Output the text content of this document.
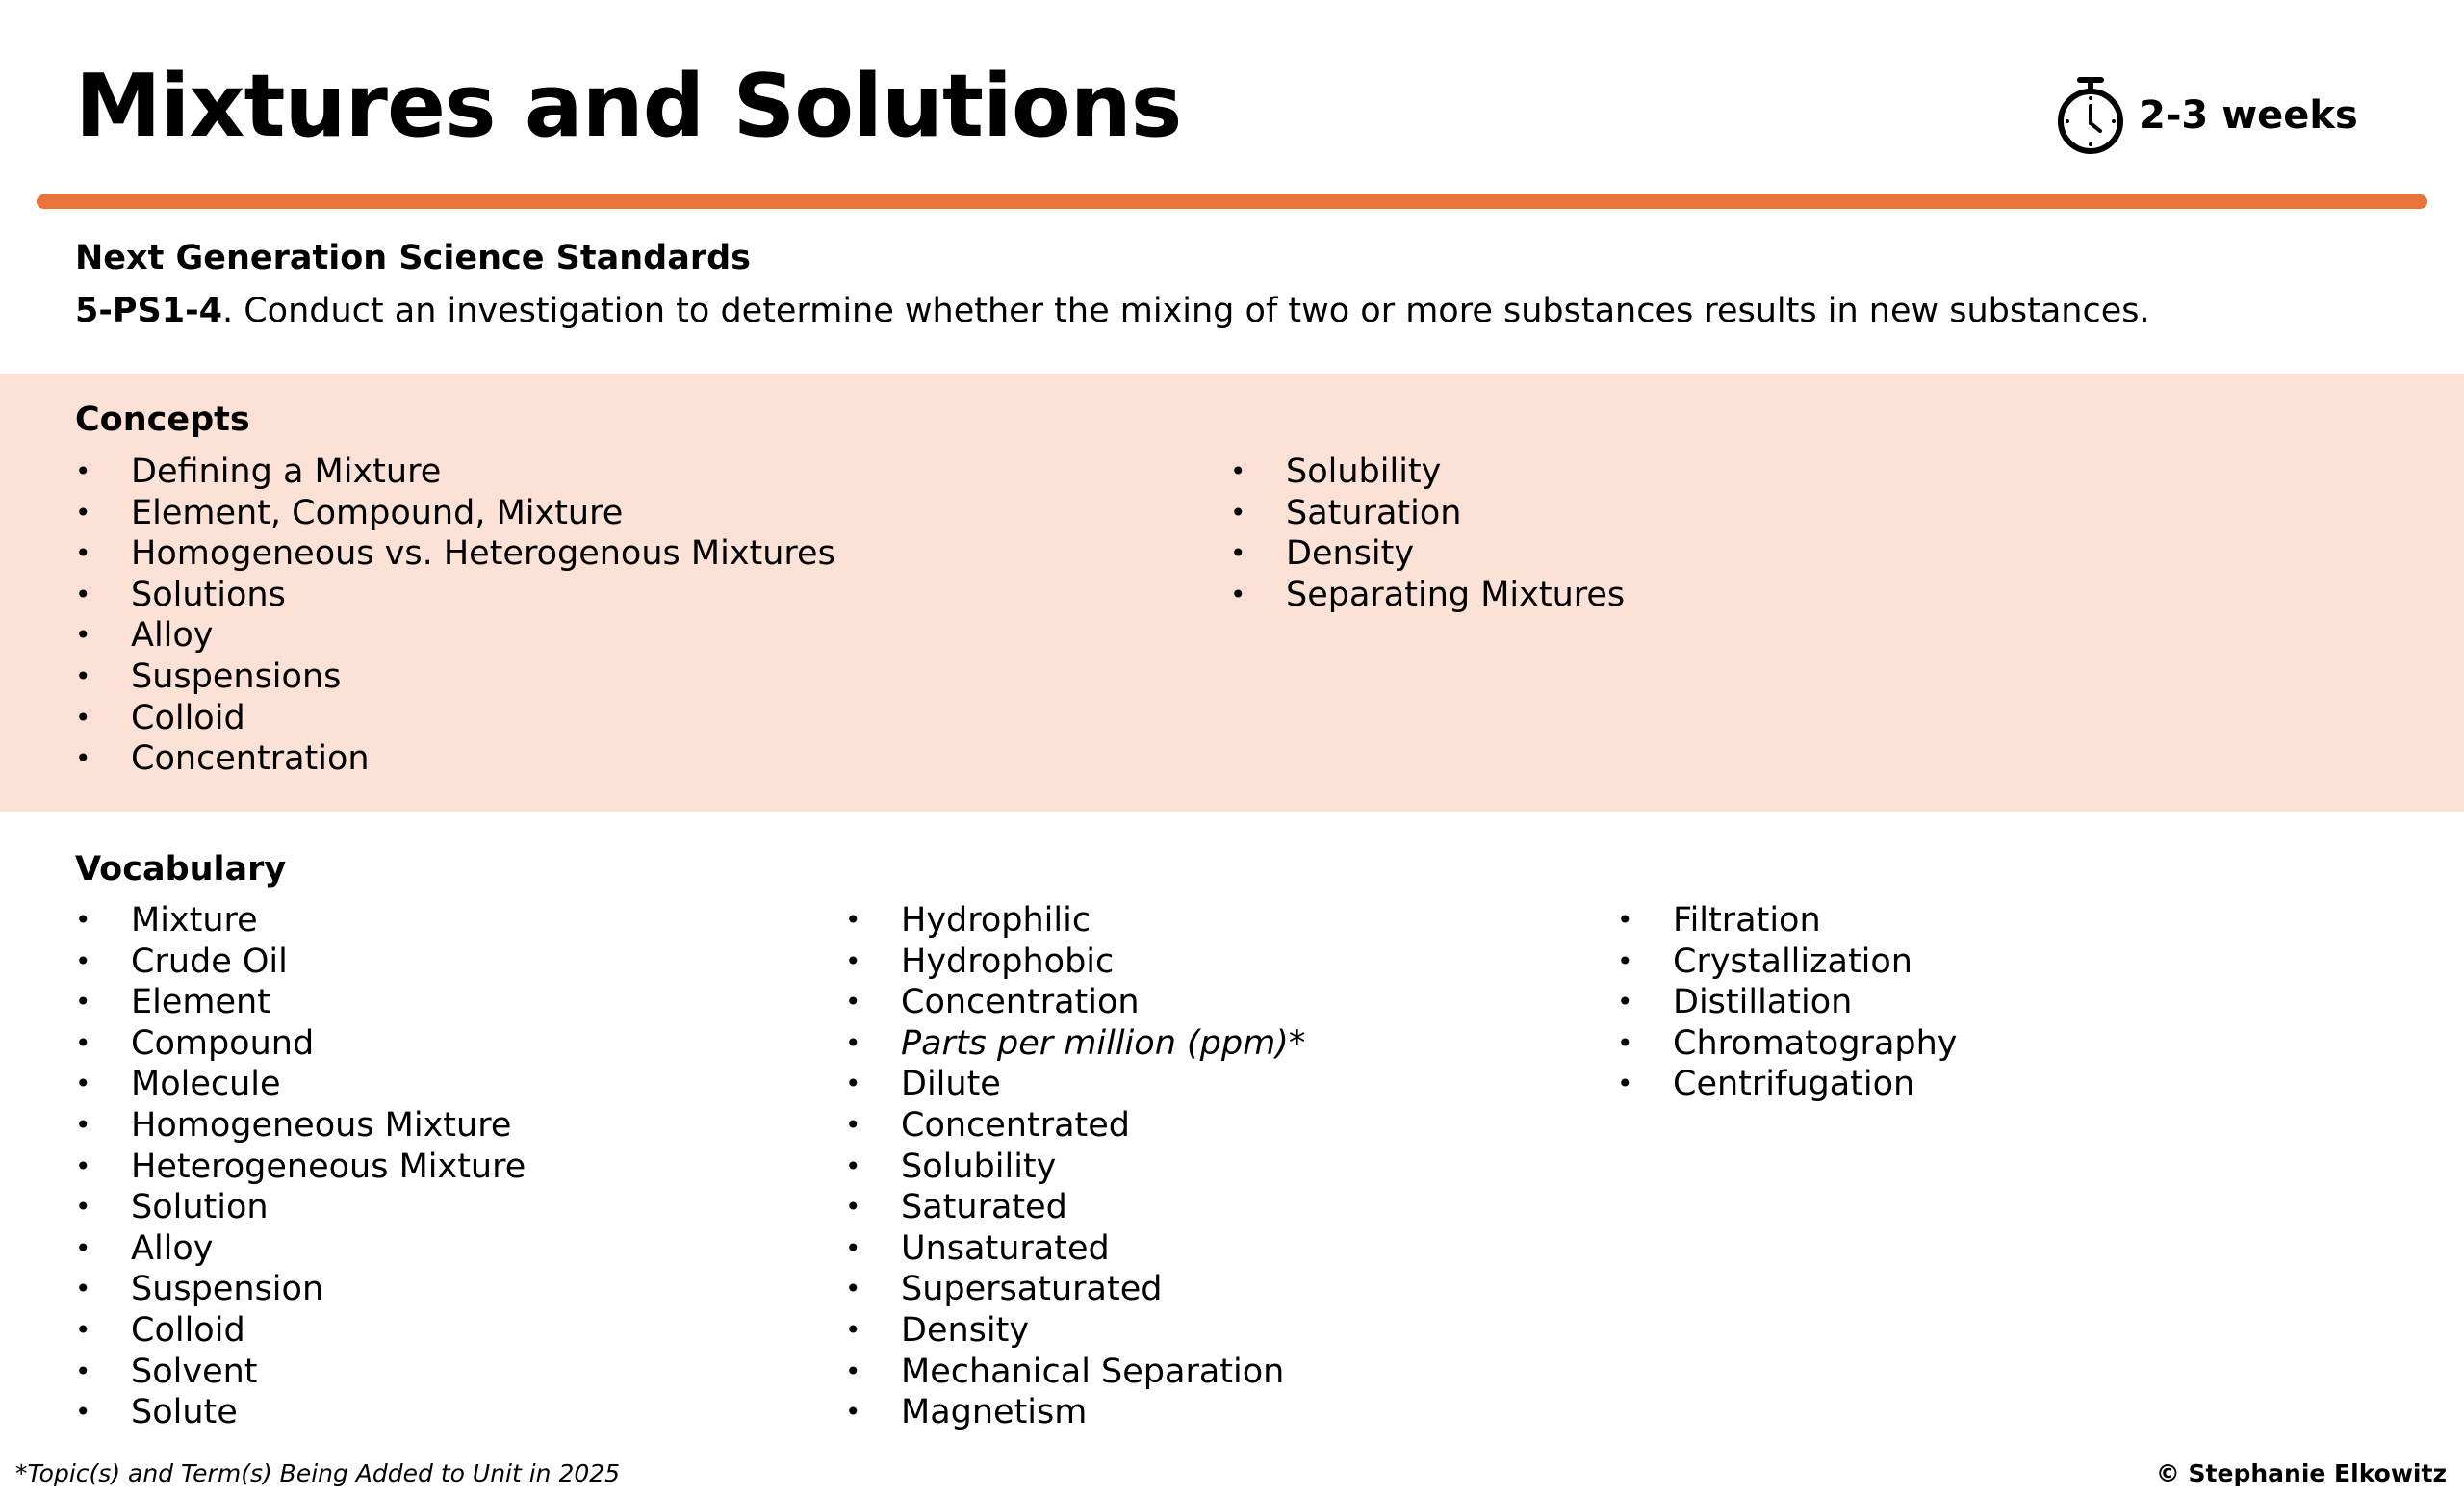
Mixtures and Solutions	2-3 weeks
Next Generation Science Standards
5-PS1-4. Conduct an investigation to determine whether the mixing of two or more substances results in new substances.
Concepts
• Defining a Mixture
• Element, Compound, Mixture
• Homogeneous vs. Heterogenous Mixtures
• Solutions
• Alloy
• Suspensions
• Colloid
• Concentration
• Solubility
• Saturation
• Density
• Separating Mixtures
Vocabulary
• Mixture
• Crude Oil
• Element
• Compound
• Molecule
• Homogeneous Mixture
• Heterogeneous Mixture
• Solution
• Alloy
• Suspension
• Colloid
• Solvent
• Solute
• Hydrophilic
• Hydrophobic
• Concentration
• Parts per million (ppm)*
• Dilute
• Concentrated
• Solubility
• Saturated
• Unsaturated
• Supersaturated
• Density
• Mechanical Separation
• Magnetism
• Filtration
• Crystallization
• Distillation
• Chromatography
• Centrifugation
*Topic(s) and Term(s) Being Added to Unit in 2025	© Stephanie Elkowitz
